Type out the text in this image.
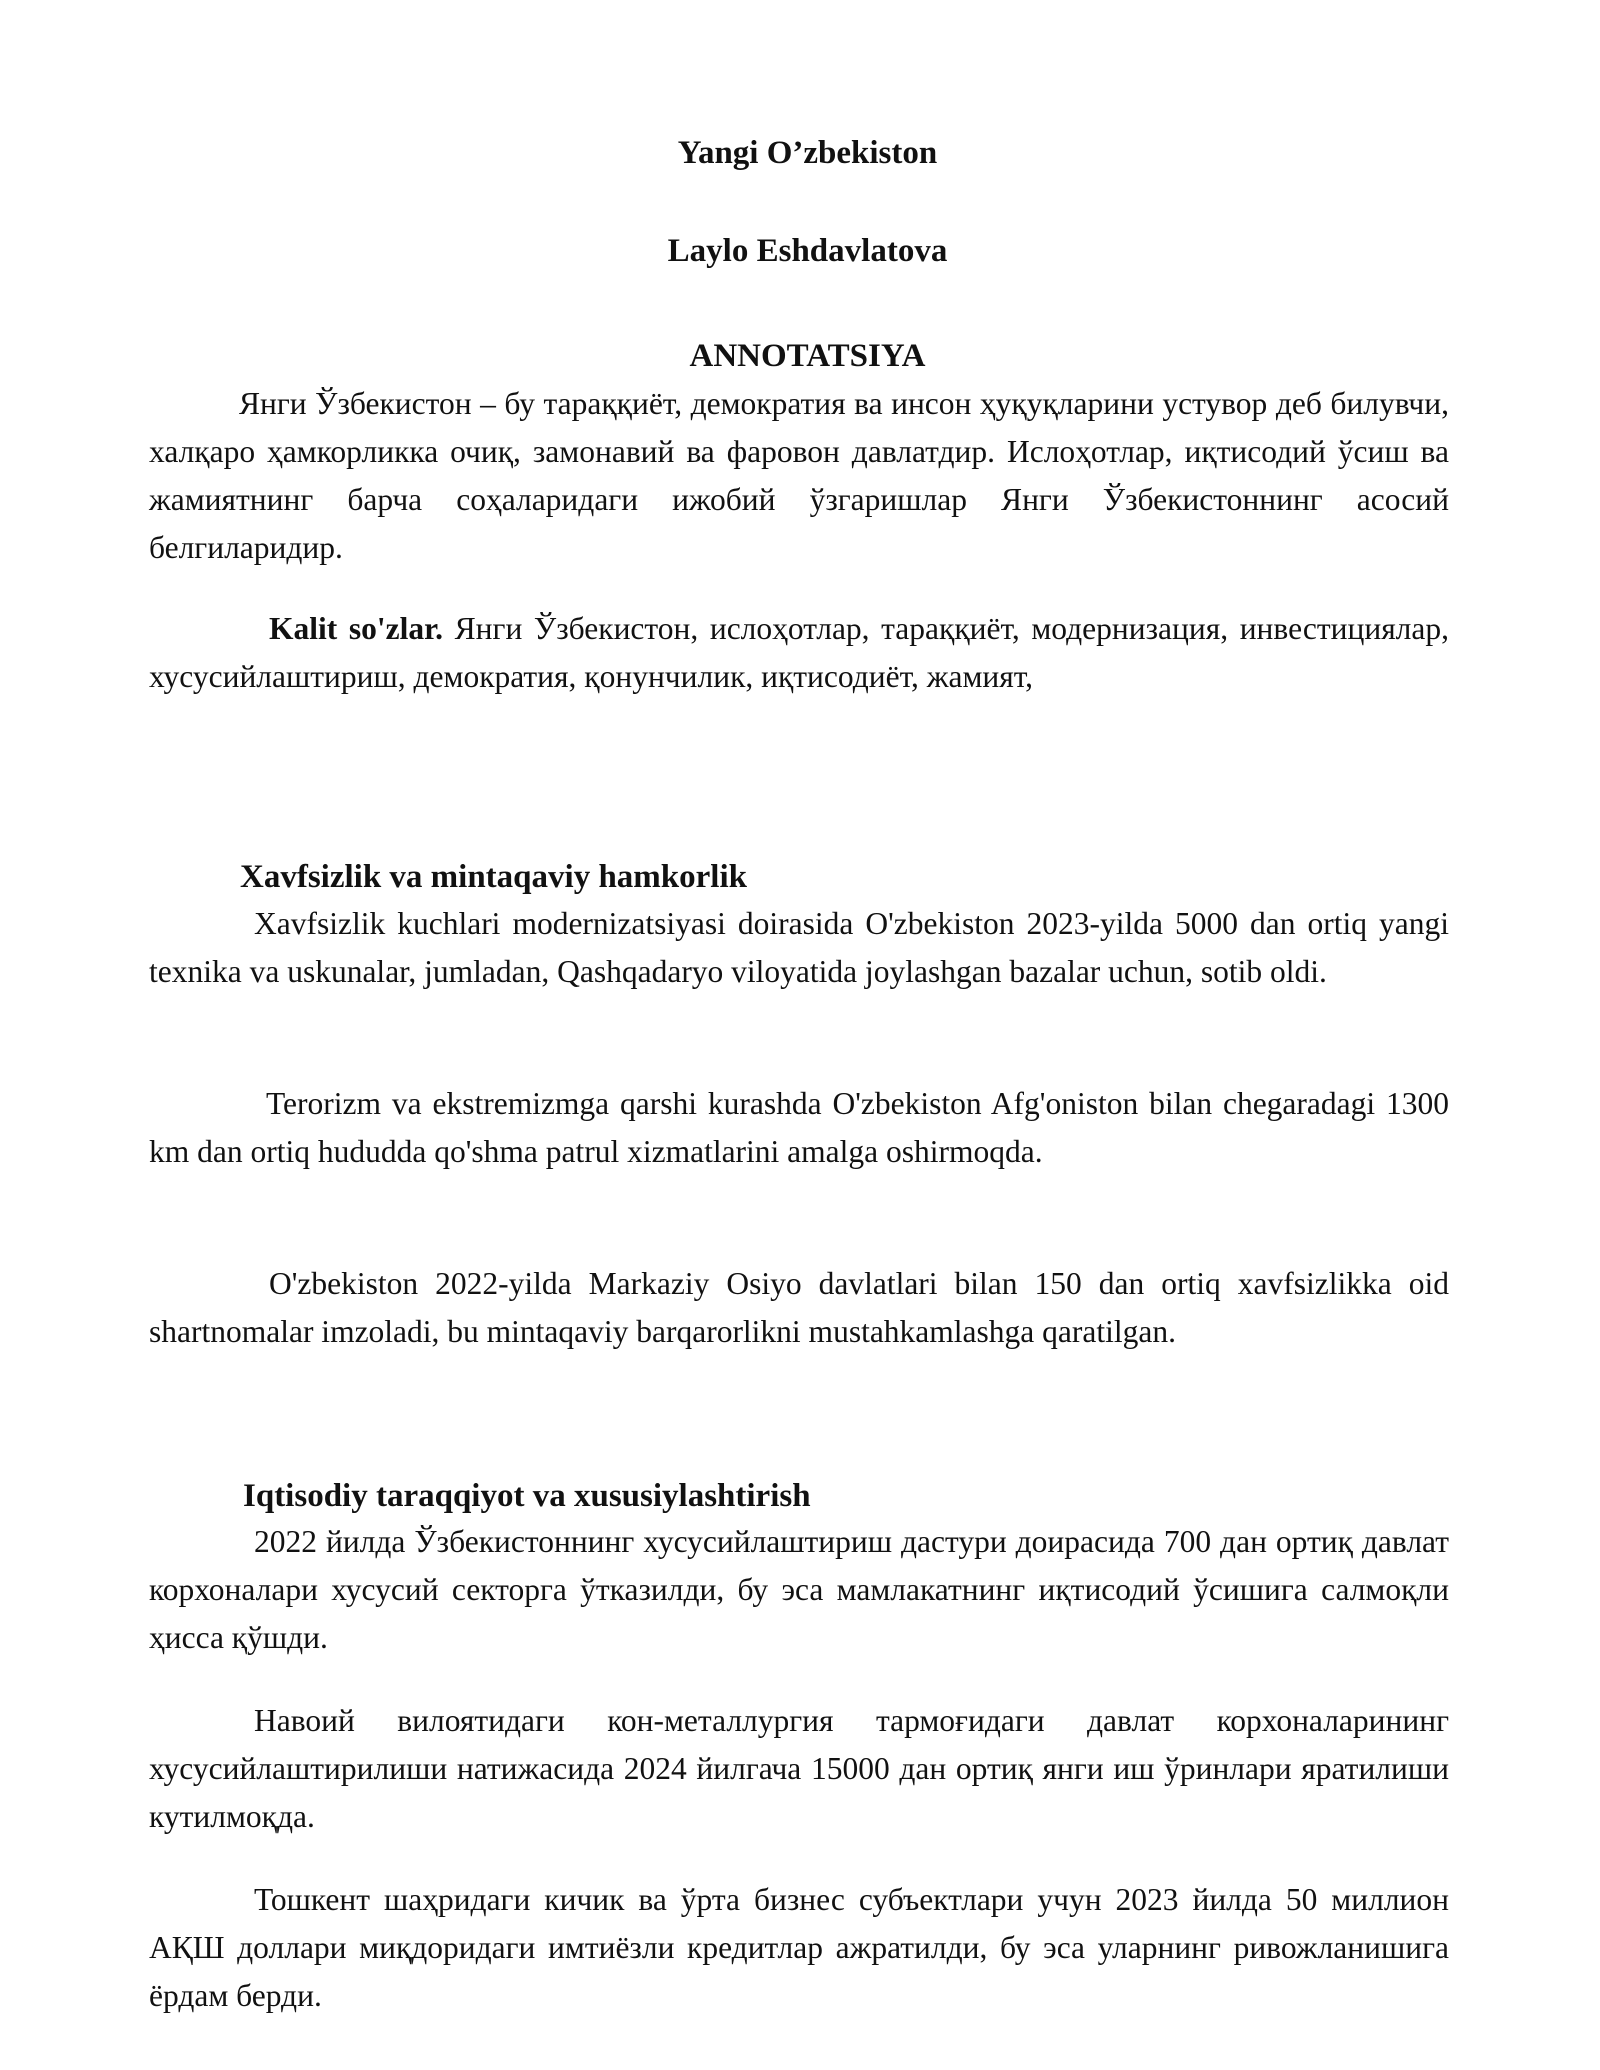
Yangi O’zbekiston
Laylo Eshdavlatova
ANNOTATSIYA

Янги Ўзбекистон – бу тараққиёт, демократия ва инсон ҳуқуқларини устувор деб билувчи, халқаро ҳамкорликка очиқ, замонавий ва фаровон давлатдир. Ислоҳотлар, иқтисодий ўсиш ва жамиятнинг барча соҳаларидаги ижобий ўзгаришлар Янги Ўзбекистоннинг асосий белгиларидир.

Kalit so'zlar. Янги Ўзбекистон, ислоҳотлар, тараққиёт, модернизация, инвестициялар, хусусийлаштириш, демократия, қонунчилик, иқтисодиёт, жамият,

Xavfsizlik va mintaqaviy hamkorlik

Xavfsizlik kuchlari modernizatsiyasi doirasida O'zbekiston 2023-yilda 5000 dan ortiq yangi texnika va uskunalar, jumladan, Qashqadaryo viloyatida joylashgan bazalar uchun, sotib oldi.

Terorizm va ekstremizmga qarshi kurashda O'zbekiston Afg'oniston bilan chegaradagi 1300 km dan ortiq hududda qo'shma patrul xizmatlarini amalga oshirmoqda.

O'zbekiston 2022-yilda Markaziy Osiyo davlatlari bilan 150 dan ortiq xavfsizlikka oid shartnomalar imzoladi, bu mintaqaviy barqarorlikni mustahkamlashga qaratilgan.

Iqtisodiy taraqqiyot va xususiylashtirish

2022 йилда Ўзбекистоннинг хусусийлаштириш дастури доирасида 700 дан ортиқ давлат корхоналари хусусий секторга ўтказилди, бу эса мамлакатнинг иқтисодий ўсишига салмоқли ҳисса қўшди.

Навоий вилоятидаги кон-металлургия тармоғидаги давлат корхоналарининг хусусийлаштирилиши натижасида 2024 йилгача 15000 дан ортиқ янги иш ўринлари яратилиши кутилмоқда.

Тошкент шаҳридаги кичик ва ўрта бизнес субъектлари учун 2023 йилда 50 миллион АҚШ доллари миқдоридаги имтиёзли кредитлар ажратилди, бу эса уларнинг ривожланишига ёрдам берди.
